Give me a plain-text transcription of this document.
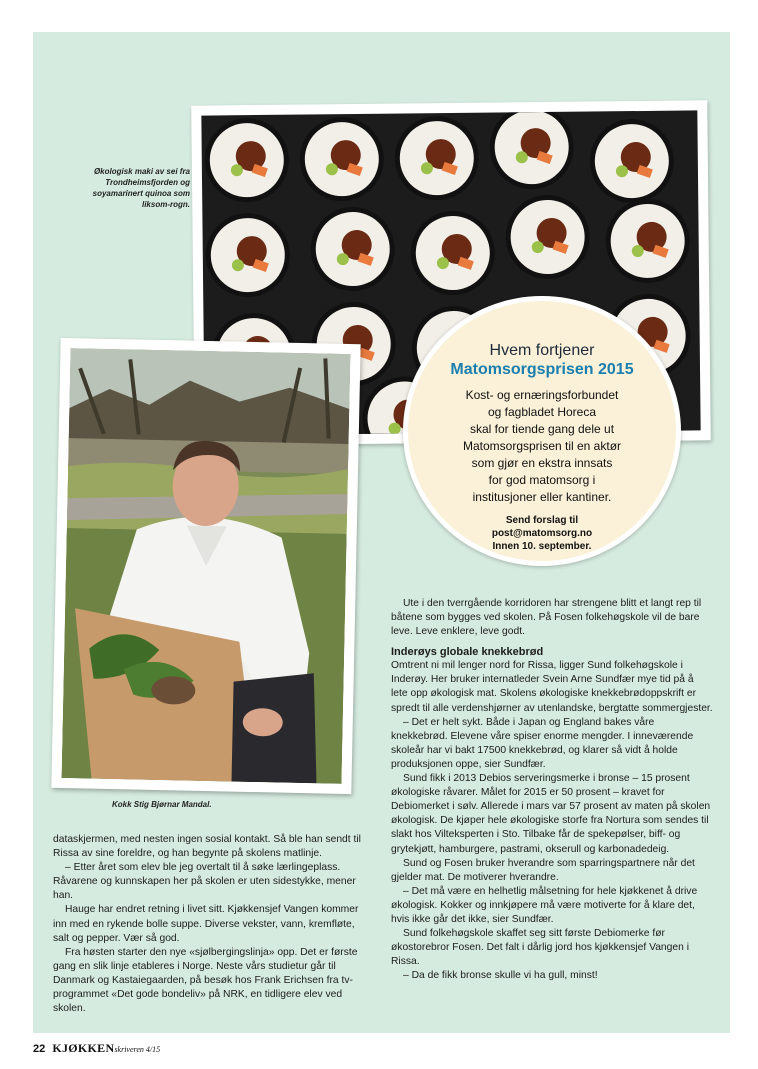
Økologisk maki av sei fra Trondheimsfjorden og soyamarinert quinoa som liksom-rogn.
Kokk Stig Bjørnar Mandal.
Hvem fortjener
Matomsorgsprisen 2015
Kost- og ernæringsforbundet
og fagbladet Horeca
skal for tiende gang dele ut
Matomsorgsprisen til en aktør
som gjør en ekstra innsats
for god matomsorg i
institusjoner eller kantiner.
Send forslag til
post@matomsorg.no
Innen 10. september.

dataskjermen, med nesten ingen sosial kontakt. Så ble han sendt til Rissa av sine foreldre, og han begynte på skolens matlinje.

– Etter året som elev ble jeg overtalt til å søke lærlingeplass. Råvarene og kunnskapen her på skolen er uten sidestykke, mener han.

Hauge har endret retning i livet sitt. Kjøkkensjef Vangen kommer inn med en rykende bolle suppe. Diverse vekster, vann, kremfløte, salt og pepper. Vær så god.

Fra høsten starter den nye «sjølbergingslinja» opp. Det er første gang en slik linje etableres i Norge. Neste vårs studietur går til Danmark og Kastaiegaarden, på besøk hos Frank Erichsen fra tv-programmet «Det gode bondeliv» på NRK, en tidligere elev ved skolen.

Ute i den tverrgående korridoren har strengene blitt et langt rep til båtene som bygges ved skolen. På Fosen folkehøgskole vil de bare leve. Leve enklere, leve godt.

Inderøys globale knekkebrød

Omtrent ni mil lenger nord for Rissa, ligger Sund folkehøgskole i Inderøy. Her bruker internatleder Svein Arne Sundfær mye tid på å lete opp økologisk mat. Skolens økologiske knekkebrødoppskrift er spredt til alle verdenshjørner av utenlandske, bergtatte sommergjester.

– Det er helt sykt. Både i Japan og England bakes våre knekkebrød. Elevene våre spiser enorme mengder. I inneværende skoleår har vi bakt 17500 knekkebrød, og klarer så vidt å holde produksjonen oppe, sier Sundfær.

Sund fikk i 2013 Debios serveringsmerke i bronse – 15 prosent økologiske råvarer. Målet for 2015 er 50 prosent – kravet for Debiomerket i sølv. Allerede i mars var 57 prosent av maten på skolen økologisk. De kjøper hele økologiske storfe fra Nortura som sendes til slakt hos Vilteksperten i Sto. Tilbake får de spekepølser, biff- og grytekjøtt, hamburgere, pastrami, okserull og karbonadedeig.

Sund og Fosen bruker hverandre som sparringspartnere når det gjelder mat. De motiverer hverandre.

– Det må være en helhetlig målsetning for hele kjøkkenet å drive økologisk. Kokker og innkjøpere må være motiverte for å klare det, hvis ikke går det ikke, sier Sundfær.

Sund folkehøgskole skaffet seg sitt første Debiomerke før økostorebror Fosen. Det falt i dårlig jord hos kjøkkensjef Vangen i Rissa.

– Da de fikk bronse skulle vi ha gull, minst!

22 KJØKKENskriveren 4/15
